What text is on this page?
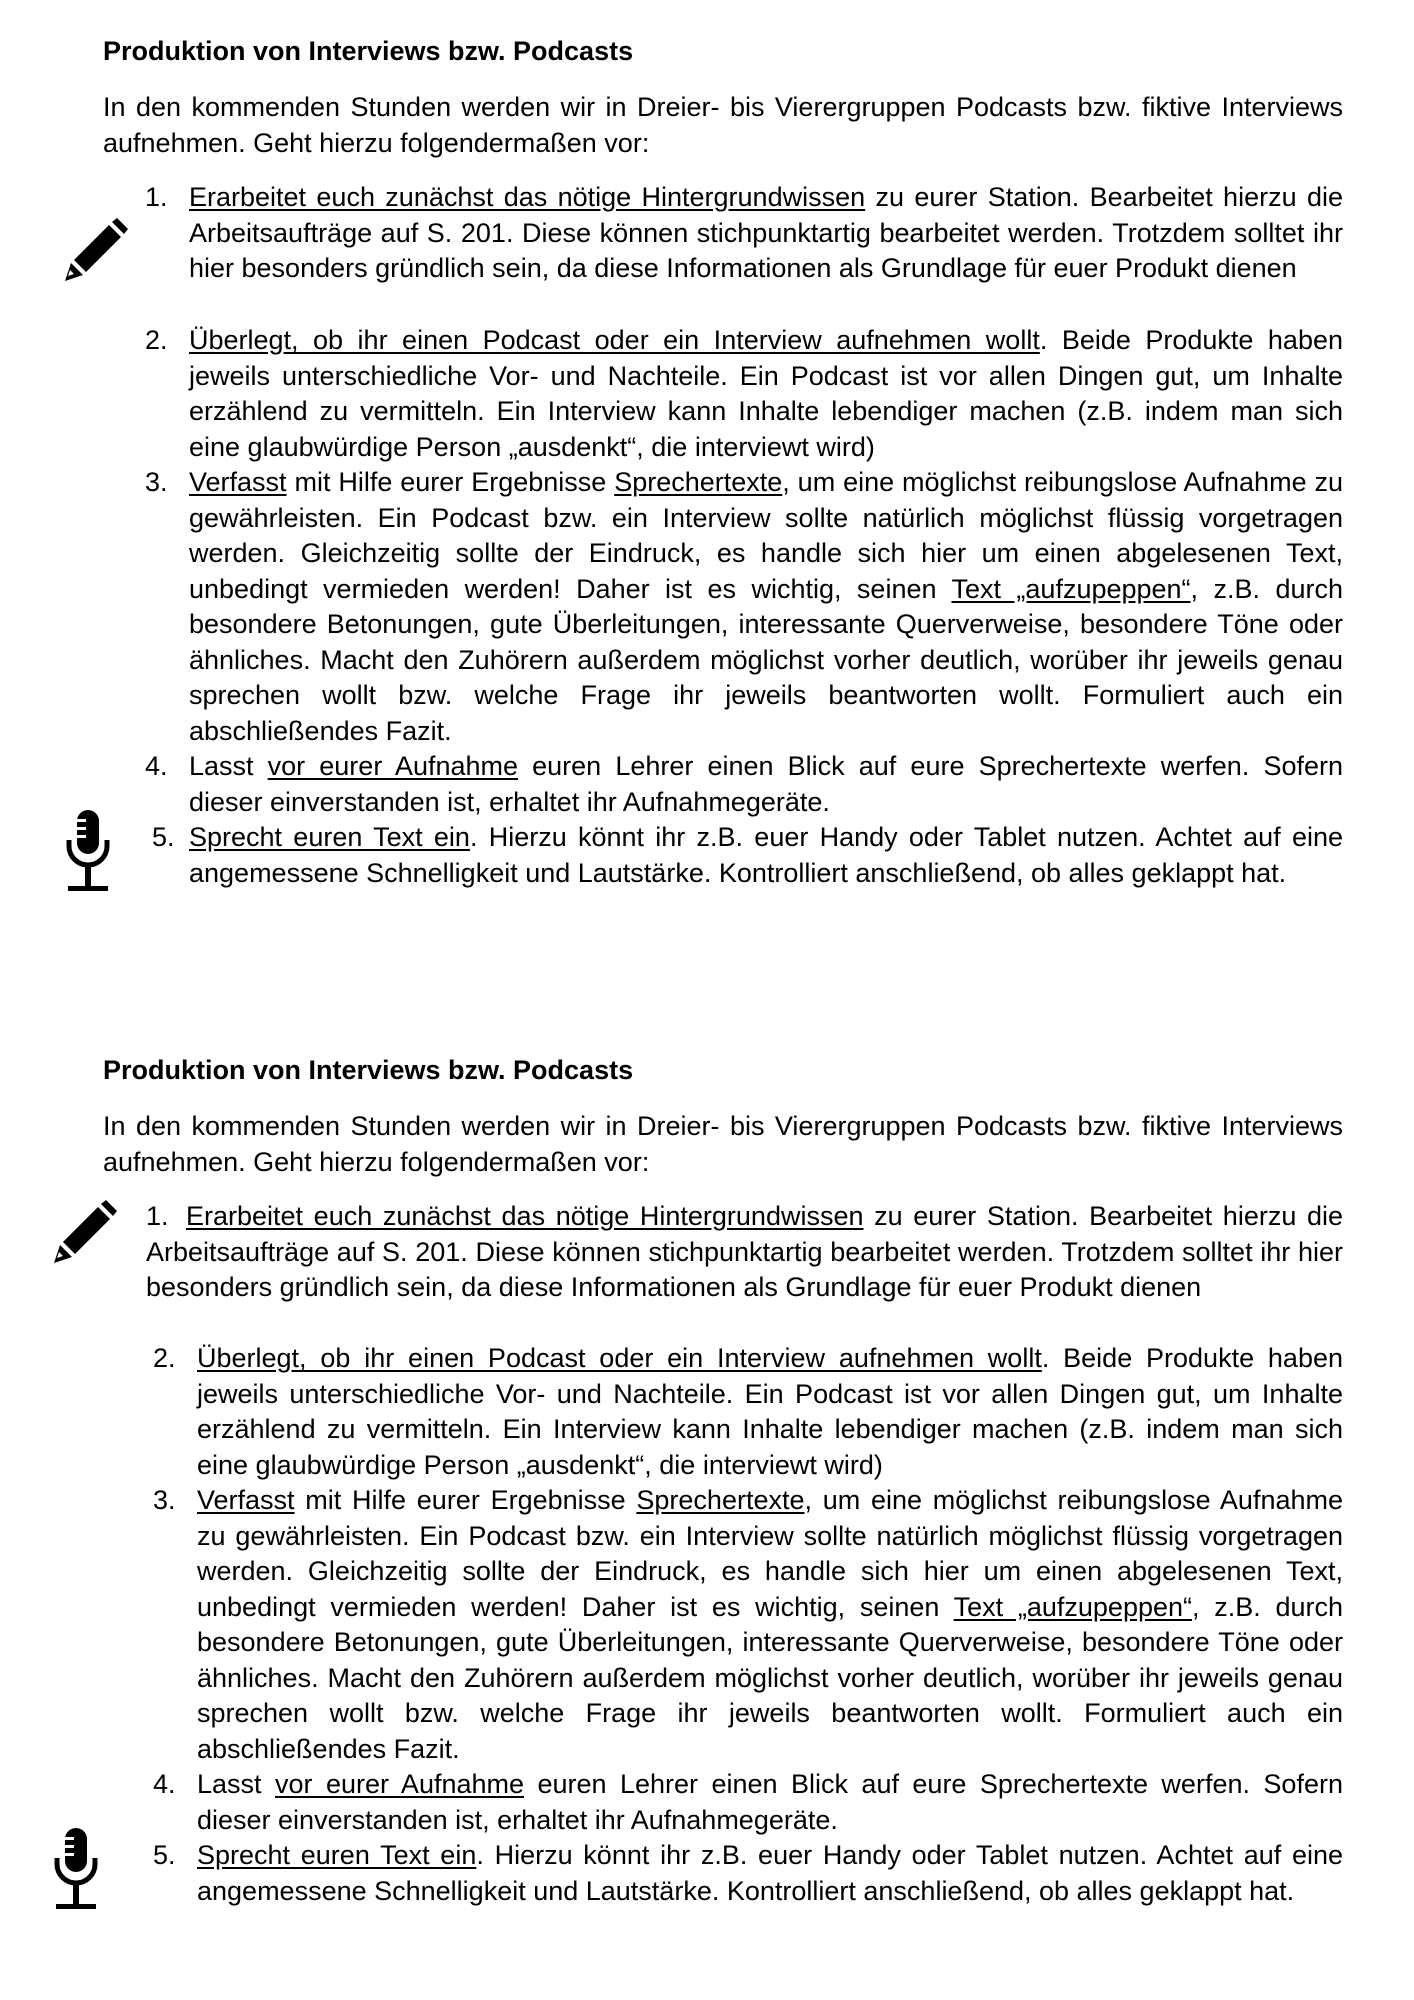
Produktion von Interviews bzw. Podcasts
In den kommenden Stunden werden wir in Dreier- bis Vierergruppen Podcasts bzw. fiktive Interviews aufnehmen. Geht hierzu folgendermaßen vor:
1. Erarbeitet euch zunächst das nötige Hintergrundwissen zu eurer Station. Bearbeitet hierzu die Arbeitsaufträge auf S. 201. Diese können stichpunktartig bearbeitet werden. Trotzdem solltet ihr hier besonders gründlich sein, da diese Informationen als Grundlage für euer Produkt dienen
2. Überlegt, ob ihr einen Podcast oder ein Interview aufnehmen wollt. Beide Produkte haben jeweils unterschiedliche Vor- und Nachteile. Ein Podcast ist vor allen Dingen gut, um Inhalte erzählend zu vermitteln. Ein Interview kann Inhalte lebendiger machen (z.B. indem man sich eine glaubwürdige Person „ausdenkt“, die interviewt wird)
3. Verfasst mit Hilfe eurer Ergebnisse Sprechertexte, um eine möglichst reibungslose Aufnahme zu gewährleisten. Ein Podcast bzw. ein Interview sollte natürlich möglichst flüssig vorgetragen werden. Gleichzeitig sollte der Eindruck, es handle sich hier um einen abgelesenen Text, unbedingt vermieden werden! Daher ist es wichtig, seinen Text „aufzupeppen“, z.B. durch besondere Betonungen, gute Überleitungen, interessante Querverweise, besondere Töne oder ähnliches. Macht den Zuhörern außerdem möglichst vorher deutlich, worüber ihr jeweils genau sprechen wollt bzw. welche Frage ihr jeweils beantworten wollt. Formuliert auch ein abschließendes Fazit.
4. Lasst vor eurer Aufnahme euren Lehrer einen Blick auf eure Sprechertexte werfen. Sofern dieser einverstanden ist, erhaltet ihr Aufnahmegeräte.
5. Sprecht euren Text ein. Hierzu könnt ihr z.B. euer Handy oder Tablet nutzen. Achtet auf eine angemessene Schnelligkeit und Lautstärke. Kontrolliert anschließend, ob alles geklappt hat.
Produktion von Interviews bzw. Podcasts
In den kommenden Stunden werden wir in Dreier- bis Vierergruppen Podcasts bzw. fiktive Interviews aufnehmen. Geht hierzu folgendermaßen vor:
1. Erarbeitet euch zunächst das nötige Hintergrundwissen zu eurer Station. Bearbeitet hierzu die Arbeitsaufträge auf S. 201. Diese können stichpunktartig bearbeitet werden. Trotzdem solltet ihr hier besonders gründlich sein, da diese Informationen als Grundlage für euer Produkt dienen
2. Überlegt, ob ihr einen Podcast oder ein Interview aufnehmen wollt. Beide Produkte haben jeweils unterschiedliche Vor- und Nachteile. Ein Podcast ist vor allen Dingen gut, um Inhalte erzählend zu vermitteln. Ein Interview kann Inhalte lebendiger machen (z.B. indem man sich eine glaubwürdige Person „ausdenkt“, die interviewt wird)
3. Verfasst mit Hilfe eurer Ergebnisse Sprechertexte, um eine möglichst reibungslose Aufnahme zu gewährleisten. Ein Podcast bzw. ein Interview sollte natürlich möglichst flüssig vorgetragen werden. Gleichzeitig sollte der Eindruck, es handle sich hier um einen abgelesenen Text, unbedingt vermieden werden! Daher ist es wichtig, seinen Text „aufzupeppen“, z.B. durch besondere Betonungen, gute Überleitungen, interessante Querverweise, besondere Töne oder ähnliches. Macht den Zuhörern außerdem möglichst vorher deutlich, worüber ihr jeweils genau sprechen wollt bzw. welche Frage ihr jeweils beantworten wollt. Formuliert auch ein abschließendes Fazit.
4. Lasst vor eurer Aufnahme euren Lehrer einen Blick auf eure Sprechertexte werfen. Sofern dieser einverstanden ist, erhaltet ihr Aufnahmegeräte.
5. Sprecht euren Text ein. Hierzu könnt ihr z.B. euer Handy oder Tablet nutzen. Achtet auf eine angemessene Schnelligkeit und Lautstärke. Kontrolliert anschließend, ob alles geklappt hat.
